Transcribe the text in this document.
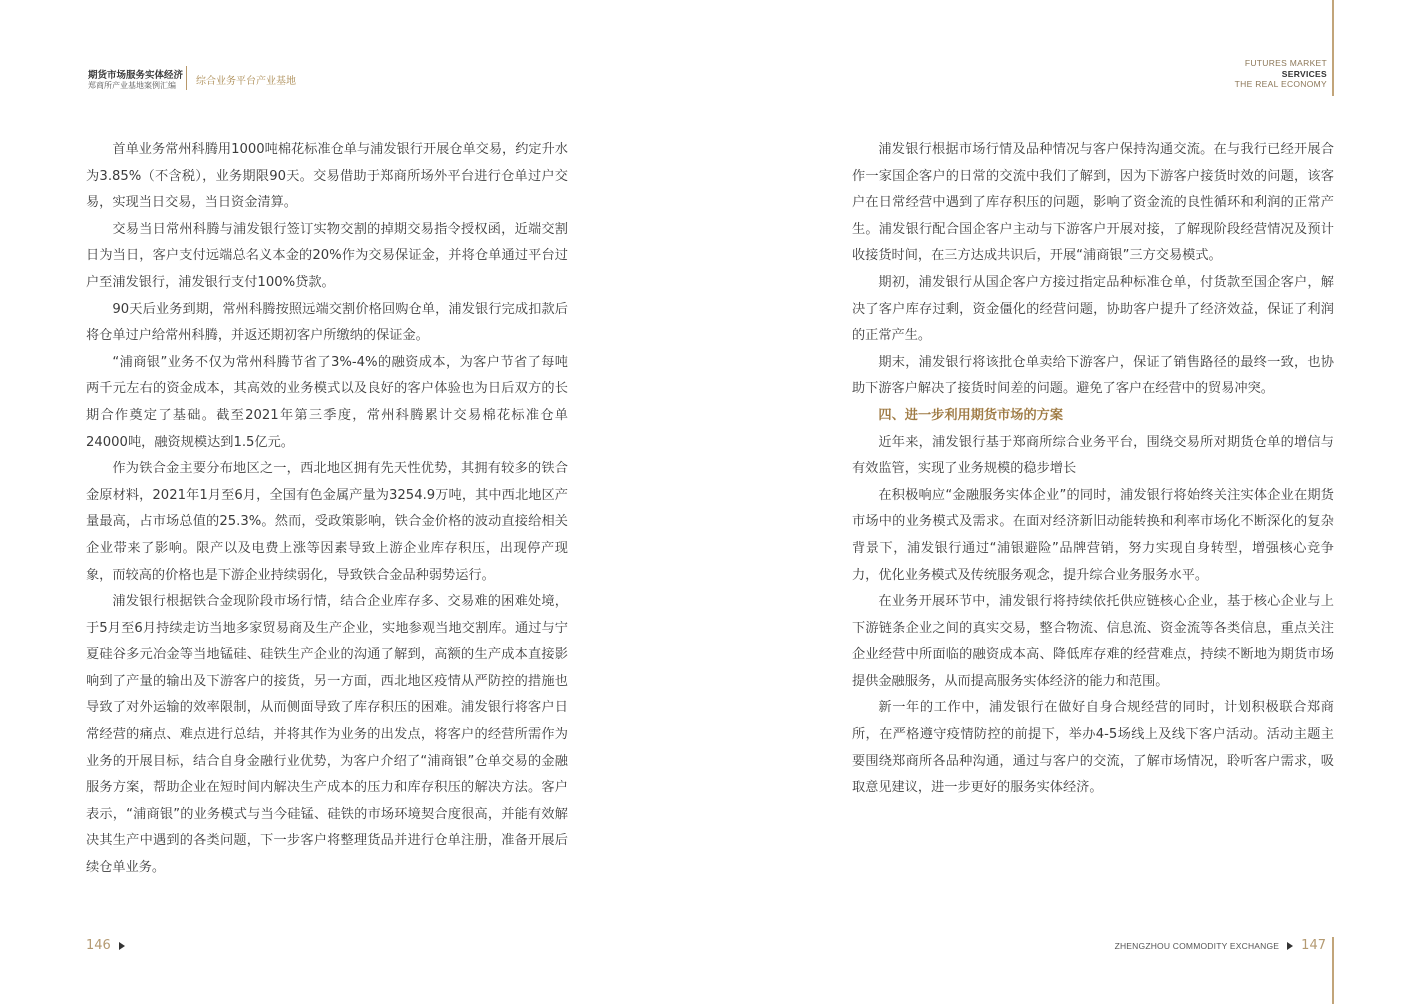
期货市场服务实体经济
郑商所产业基地案例汇编 综合业务平台产业基地
FUTURES MARKET
SERVICES
THE REAL ECONOMY

首单业务常州科腾用1000吨棉花标准仓单与浦发银行开展仓单交易，约定升水为3.85%（不含税），业务期限90天。交易借助于郑商所场外平台进行仓单过户交易，实现当日交易，当日资金清算。

交易当日常州科腾与浦发银行签订实物交割的掉期交易指令授权函，近端交割日为当日，客户支付远端总名义本金的20%作为交易保证金，并将仓单通过平台过户至浦发银行，浦发银行支付100%贷款。

90天后业务到期，常州科腾按照远端交割价格回购仓单，浦发银行完成扣款后将仓单过户给常州科腾，并返还期初客户所缴纳的保证金。

“浦商银”业务不仅为常州科腾节省了3%-4%的融资成本，为客户节省了每吨两千元左右的资金成本，其高效的业务模式以及良好的客户体验也为日后双方的长期合作奠定了基础。截至2021年第三季度，常州科腾累计交易棉花标准仓单24000吨，融资规模达到1.5亿元。

作为铁合金主要分布地区之一，西北地区拥有先天性优势，其拥有较多的铁合金原材料，2021年1月至6月，全国有色金属产量为3254.9万吨，其中西北地区产量最高，占市场总值的25.3%。然而，受政策影响，铁合金价格的波动直接给相关企业带来了影响。限产以及电费上涨等因素导致上游企业库存积压，出现停产现象，而较高的价格也是下游企业持续弱化，导致铁合金品种弱势运行。

浦发银行根据铁合金现阶段市场行情，结合企业库存多、交易难的困难处境，于5月至6月持续走访当地多家贸易商及生产企业，实地参观当地交割库。通过与宁夏硅谷多元冶金等当地锰硅、硅铁生产企业的沟通了解到，高额的生产成本直接影响到了产量的输出及下游客户的接货，另一方面，西北地区疫情从严防控的措施也导致了对外运输的效率限制，从而侧面导致了库存积压的困难。浦发银行将客户日常经营的痛点、难点进行总结，并将其作为业务的出发点，将客户的经营所需作为业务的开展目标，结合自身金融行业优势，为客户介绍了“浦商银”仓单交易的金融服务方案，帮助企业在短时间内解决生产成本的压力和库存积压的解决方法。客户表示，“浦商银”的业务模式与当今硅锰、硅铁的市场环境契合度很高，并能有效解决其生产中遇到的各类问题，下一步客户将整理货品并进行仓单注册，准备开展后续仓单业务。

浦发银行根据市场行情及品种情况与客户保持沟通交流。在与我行已经开展合作一家国企客户的日常的交流中我们了解到，因为下游客户接货时效的问题，该客户在日常经营中遇到了库存积压的问题，影响了资金流的良性循环和利润的正常产生。浦发银行配合国企客户主动与下游客户开展对接，了解现阶段经营情况及预计收接货时间，在三方达成共识后，开展“浦商银”三方交易模式。

期初，浦发银行从国企客户方接过指定品种标准仓单，付货款至国企客户，解决了客户库存过剩，资金僵化的经营问题，协助客户提升了经济效益，保证了利润的正常产生。

期末，浦发银行将该批仓单卖给下游客户，保证了销售路径的最终一致，也协助下游客户解决了接货时间差的问题。避免了客户在经营中的贸易冲突。

四、进一步利用期货市场的方案

近年来，浦发银行基于郑商所综合业务平台，围绕交易所对期货仓单的增信与有效监管，实现了业务规模的稳步增长

在积极响应“金融服务实体企业”的同时，浦发银行将始终关注实体企业在期货市场中的业务模式及需求。在面对经济新旧动能转换和利率市场化不断深化的复杂背景下，浦发银行通过“浦银避险”品牌营销，努力实现自身转型，增强核心竞争力，优化业务模式及传统服务观念，提升综合业务服务水平。

在业务开展环节中，浦发银行将持续依托供应链核心企业，基于核心企业与上下游链条企业之间的真实交易，整合物流、信息流、资金流等各类信息，重点关注企业经营中所面临的融资成本高、降低库存难的经营难点，持续不断地为期货市场提供金融服务，从而提高服务实体经济的能力和范围。

新一年的工作中，浦发银行在做好自身合规经营的同时，计划积极联合郑商所，在严格遵守疫情防控的前提下，举办4-5场线上及线下客户活动。活动主题主要围绕郑商所各品种沟通，通过与客户的交流，了解市场情况，聆听客户需求，吸取意见建议，进一步更好的服务实体经济。

146	ZHENGZHOU COMMODITY EXCHANGE 147
